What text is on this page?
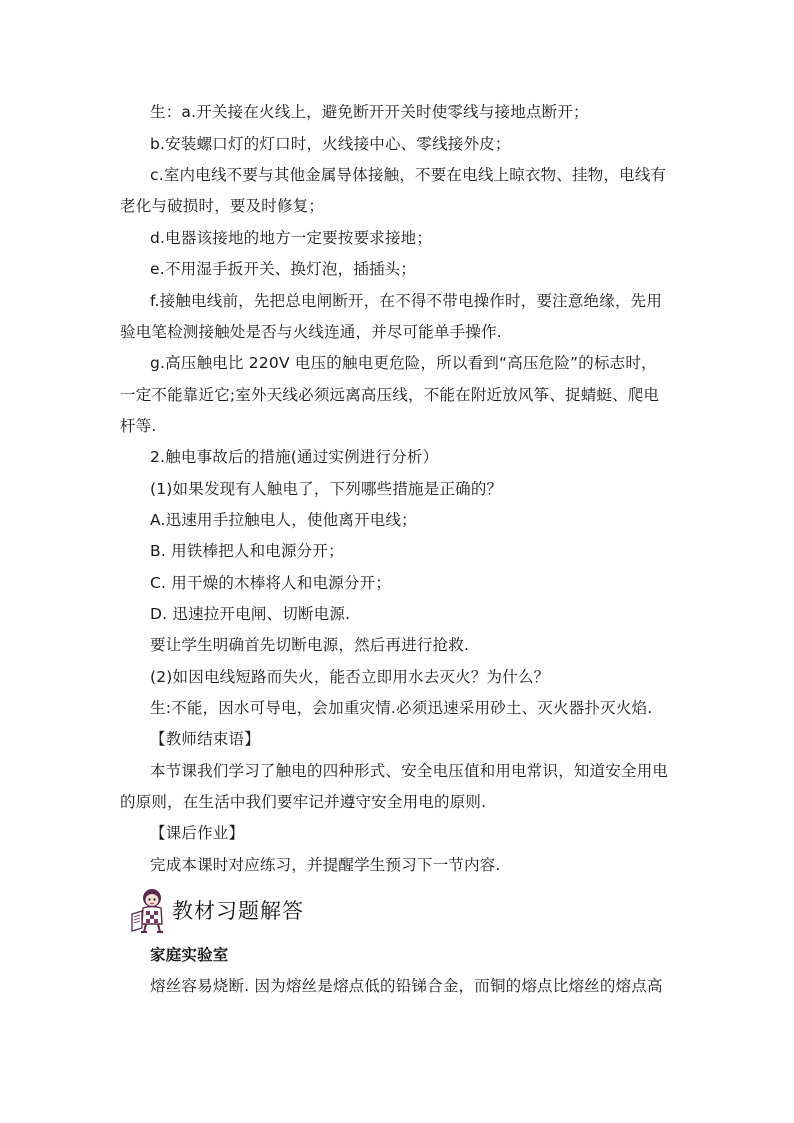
生：a.开关接在火线上，避免断开开关时使零线与接地点断开；
b.安装螺口灯的灯口时，火线接中心、零线接外皮；
c.室内电线不要与其他金属导体接触，不要在电线上晾衣物、挂物，电线有
老化与破损时，要及时修复；
d.电器该接地的地方一定要按要求接地；
e.不用湿手扳开关、换灯泡，插插头；
f.接触电线前，先把总电闸断开，在不得不带电操作时，要注意绝缘，先用
验电笔检测接触处是否与火线连通，并尽可能单手操作.
g.高压触电比 220V 电压的触电更危险，所以看到“高压危险”的标志时，
一定不能靠近它;室外天线必须远离高压线，不能在附近放风筝、捉蜻蜓、爬电
杆等.
2.触电事故后的措施(通过实例进行分析）
(1)如果发现有人触电了，下列哪些措施是正确的？
A.迅速用手拉触电人，使他离开电线；
B. 用铁棒把人和电源分开；
C. 用干燥的木棒将人和电源分开；
D. 迅速拉开电闸、切断电源.
要让学生明确首先切断电源，然后再进行抢救.
(2)如因电线短路而失火，能否立即用水去灭火？为什么？
生:不能，因水可导电，会加重灾情.必须迅速采用砂土、灭火器扑灭火焰.
【教师结束语】
本节课我们学习了触电的四种形式、安全电压值和用电常识，知道安全用电
的原则，在生活中我们要牢记并遵守安全用电的原则.
【课后作业】
完成本课时对应练习，并提醒学生预习下一节内容.
教材习题解答
家庭实验室
熔丝容易烧断. 因为熔丝是熔点低的铅锑合金，而铜的熔点比熔丝的熔点高
